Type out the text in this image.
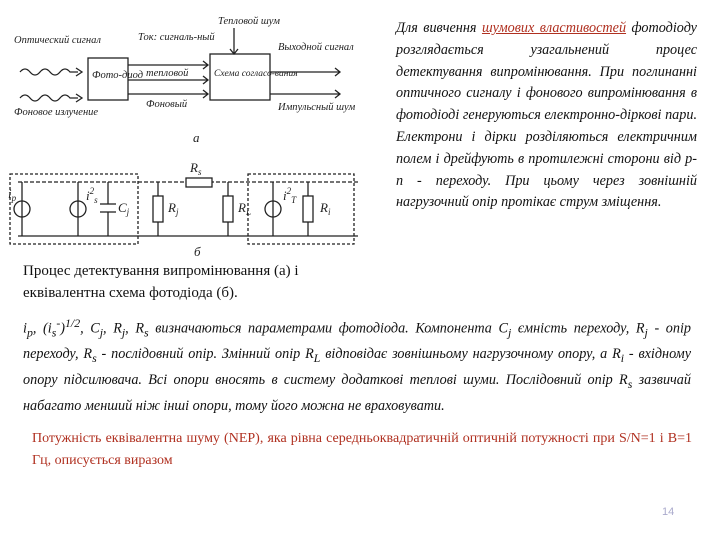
Оптический сигнал
Фоновое излучение
Фото-диод
Ток: сигналь-ный
тепловой
Фоновый
Тепловой шум
Схема согласо-вания
Выходной сигнал
Импульсный шум
а
$i_p$	$i^2_s$ $C_j$	$R_j$
$R_s$
$R_L$
$i^2_T$ $R_i$
б
Для вивчення шумових властивостей фотодіоду розглядається узагальнений процес детектування випромінювання. При поглинанні оптичного сигналу і фонового випромінювання в фотодіоді генеруються електронно-діркові пари. Електрони і дірки розділяються електричним полем і дрейфують в протилежні сторони від p-n - переходу. При цьому через зовнішній нагрузочний опір протікає струм зміщення.
Процес детектування випромінювання (а) і еквівалентна схема фотодіода (б).
$i_p$, $(i_s^-)^{1/2}$, $C_j$, $R_j$, $R_s$ визначаються параметрами фотодіода. Компонента $C_j$ ємність переходу, $R_j$ - опір переходу, $R_s$ - послідовний опір. Змінний опір $R_L$ відповідає зовнішньому нагрузочному опору, а $R_i$ - вхідному опору підсилювача. Всі опори вносять в систему додаткові теплові шуми. Послідовний опір $R_s$ зазвичай набагато менший ніж інші опори, тому його можна не враховувати.
Потужність еквівалентна шуму (NEP), яка рівна середньоквадратичній оптичній потужності при S/N=1 і B=1 Гц, описується виразом
14
